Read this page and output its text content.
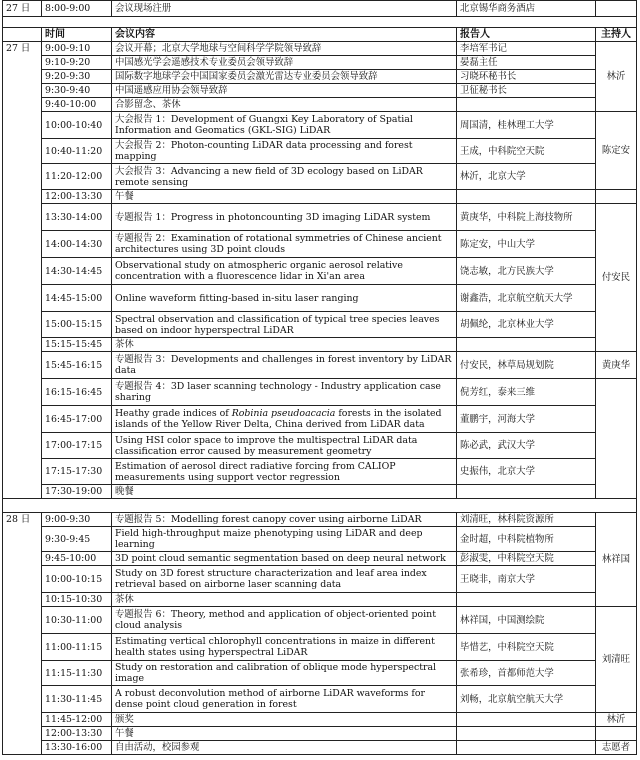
27 日	8:00-9:00	会议现场注册	北京锡华商务酒店	

	时间	会议内容	报告人	主持人
27 日	9:00-9:10	会议开幕；北京大学地球与空间科学学院领导致辞	李培军书记	林沂
	9:10-9:20	中国感光学会遥感技术专业委员会领导致辞	晏磊主任	
	9:20-9:30	国际数字地球学会中国国家委员会激光雷达专业委员会领导致辞	习晓环秘书长	
	9:30-9:40	中国遥感应用协会领导致辞	卫征秘书长	
	9:40-10:00	合影留念、茶休		
	10:00-10:40	大会报告 1：Development of Guangxi Key Laboratory of Spatial Information and Geomatics (GKL-SIG) LiDAR	周国清，桂林理工大学	陈定安
	10:40-11:20	大会报告 2：Photon-counting LiDAR data processing and forest mapping	王成，中科院空天院	
	11:20-12:00	大会报告 3：Advancing a new field of 3D ecology based on LiDAR remote sensing	林沂，北京大学	
	12:00-13:30	午餐		
	13:30-14:00	专题报告 1：Progress in photoncounting 3D imaging LiDAR system	黄庚华，中科院上海技物所	付安民
	14:00-14:30	专题报告 2：Examination of rotational symmetries of Chinese ancient architectures using 3D point clouds	陈定安，中山大学	
	14:30-14:45	Observational study on atmospheric organic aerosol relative concentration with a fluorescence lidar in Xi'an area	饶志敏，北方民族大学	
	14:45-15:00	Online waveform fitting-based in-situ laser ranging	谢鑫浩，北京航空航天大学	
	15:00-15:15	Spectral observation and classification of typical tree species leaves based on indoor hyperspectral LiDAR	胡佩纶，北京林业大学	
	15:15-15:45	茶休		
	15:45-16:15	专题报告 3：Developments and challenges in forest inventory by LiDAR data	付安民，林草局规划院	黄庚华
	16:15-16:45	专题报告 4：3D laser scanning technology - Industry application case sharing	倪芳红，泰来三维	
	16:45-17:00	Heathy grade indices of Robinia pseudoacacia forests in the isolated islands of the Yellow River Delta, China derived from LiDAR data	董鹏宇，河海大学	
	17:00-17:15	Using HSI color space to improve the multispectral LiDAR data classification error caused by measurement geometry	陈必武，武汉大学	
	17:15-17:30	Estimation of aerosol direct radiative forcing from CALIOP measurements using support vector regression	史振伟，北京大学	
	17:30-19:00	晚餐		

28 日	9:00-9:30	专题报告 5：Modelling forest canopy cover using airborne LiDAR	刘清旺，林科院资源所	林祥国
	9:30-9:45	Field high-throughput maize phenotyping using LiDAR and deep learning	金时超，中科院植物所	
	9:45-10:00	3D point cloud semantic segmentation based on deep neural network	彭淑雯，中科院空天院	
	10:00-10:15	Study on 3D forest structure characterization and leaf area index retrieval based on airborne laser scanning data	王晓非，南京大学	
	10:15-10:30	茶休		
	10:30-11:00	专题报告 6：Theory, method and application of object-oriented point cloud analysis	林祥国，中国测绘院	刘清旺
	11:00-11:15	Estimating vertical chlorophyll concentrations in maize in different health states using hyperspectral LiDAR	毕惜艺，中科院空天院	
	11:15-11:30	Study on restoration and calibration of oblique mode hyperspectral image	张希珍，首都师范大学	
	11:30-11:45	A robust deconvolution method of airborne LiDAR waveforms for dense point cloud generation in forest	刘畅，北京航空航天大学	
	11:45-12:00	颁奖		林沂
	12:00-13:30	午餐		
	13:30-16:00	自由活动，校园参观		志愿者
